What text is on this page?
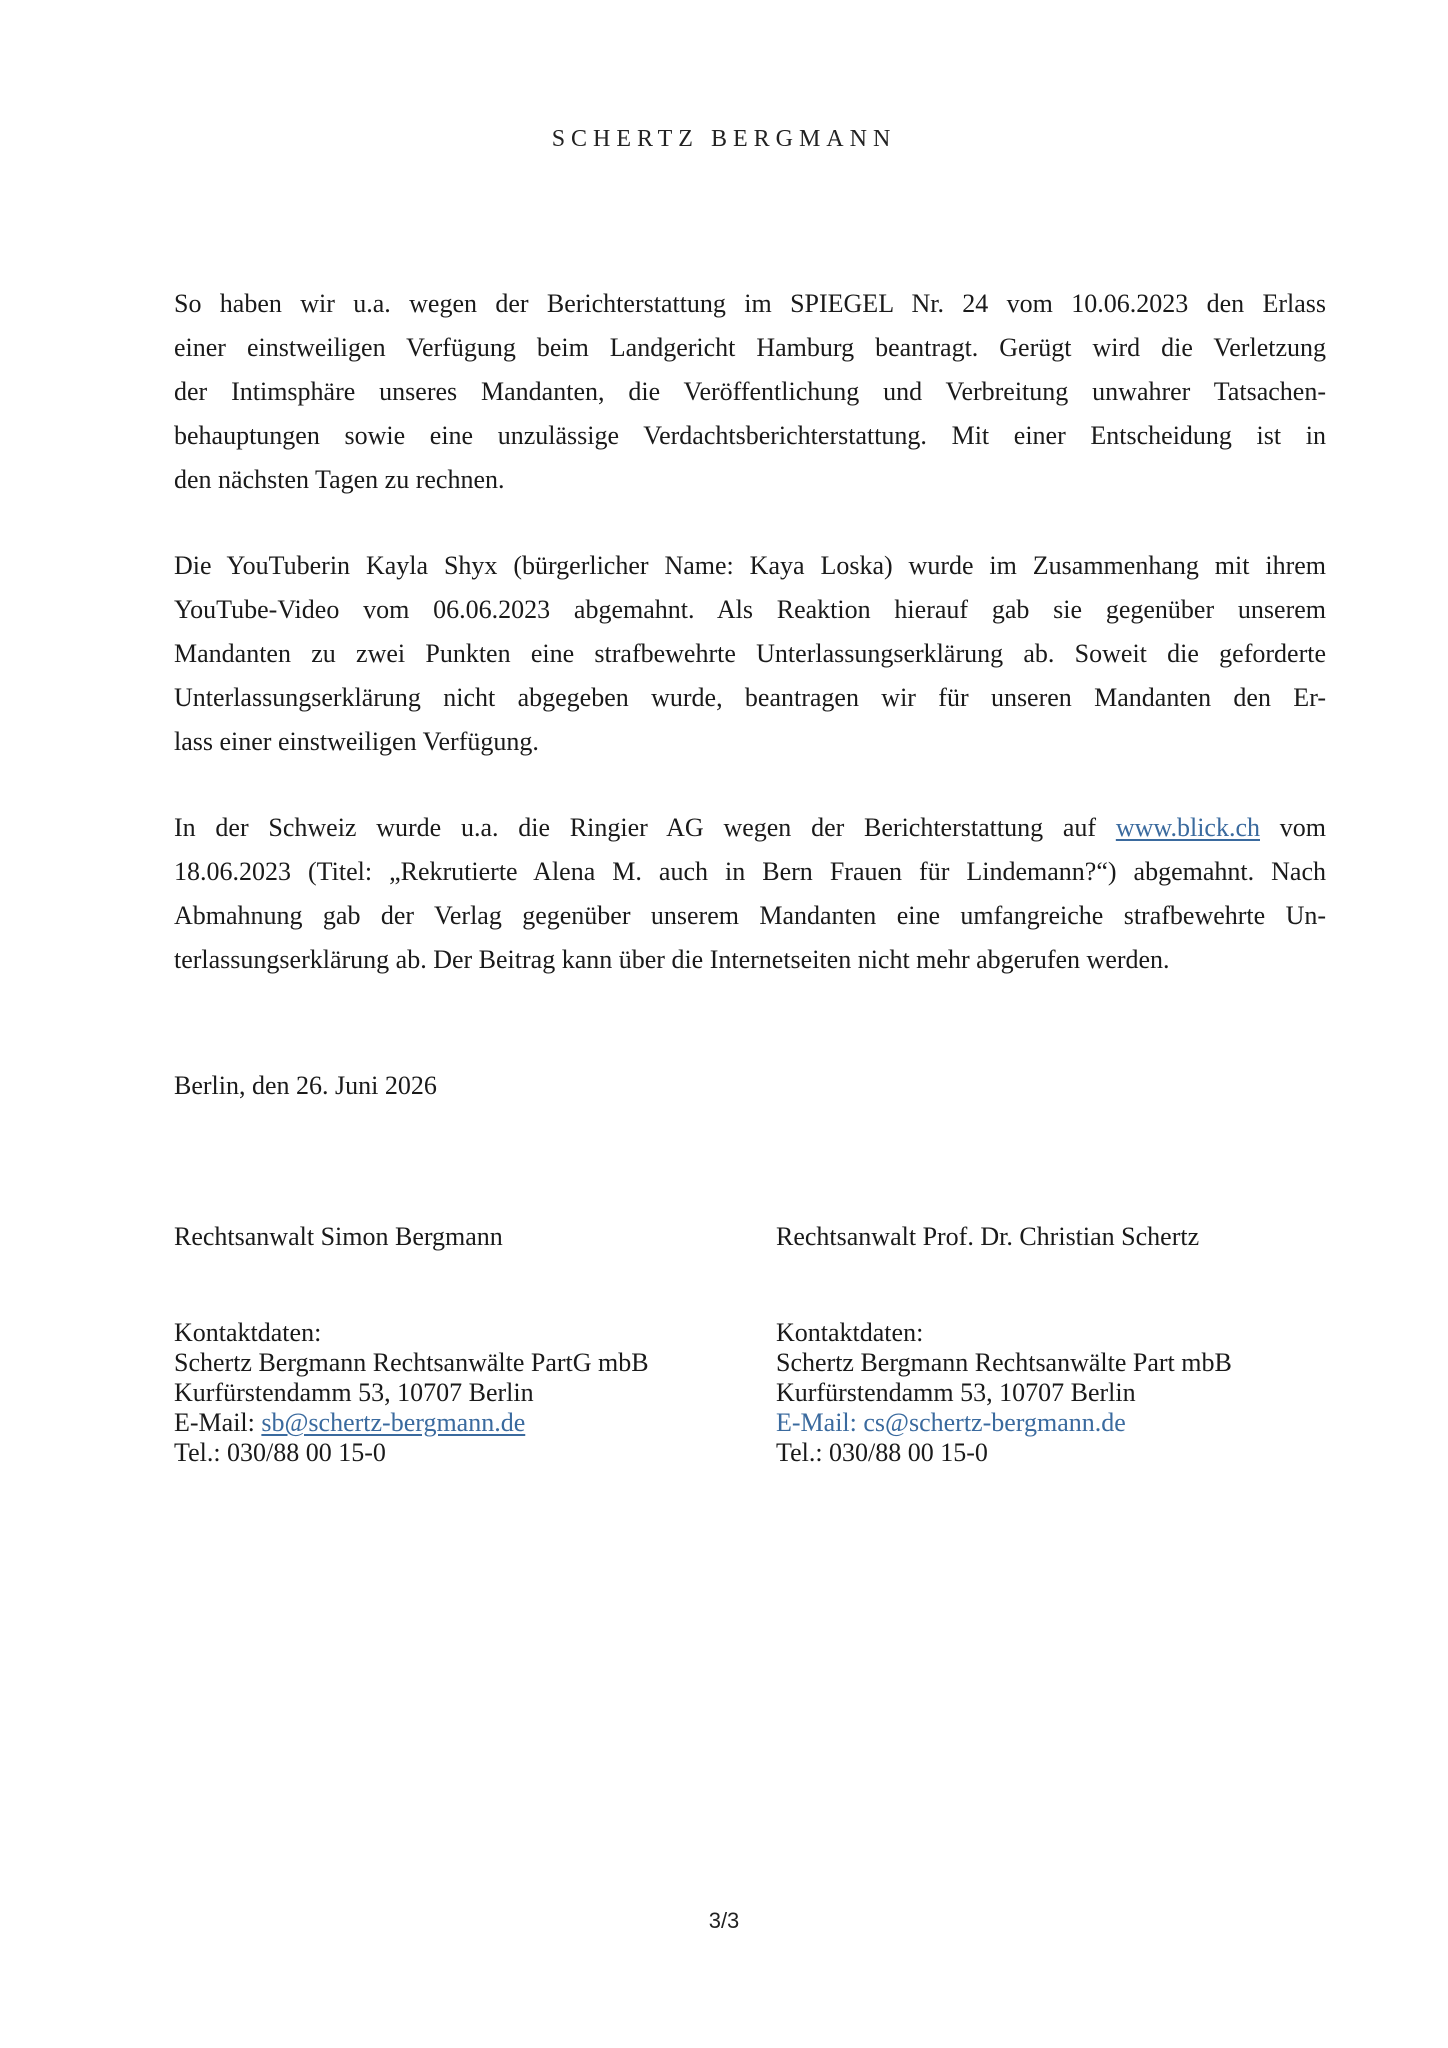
SCHERTZ BERGMANN
So haben wir u.a. wegen der Berichterstattung im SPIEGEL Nr. 24 vom 10.06.2023 den Erlass
einer einstweiligen Verfügung beim Landgericht Hamburg beantragt. Gerügt wird die Verletzung
der Intimsphäre unseres Mandanten, die Veröffentlichung und Verbreitung unwahrer Tatsachen-
behauptungen sowie eine unzulässige Verdachtsberichterstattung. Mit einer Entscheidung ist in
den nächsten Tagen zu rechnen.
Die YouTuberin Kayla Shyx (bürgerlicher Name: Kaya Loska) wurde im Zusammenhang mit ihrem
YouTube-Video vom 06.06.2023 abgemahnt. Als Reaktion hierauf gab sie gegenüber unserem
Mandanten zu zwei Punkten eine strafbewehrte Unterlassungserklärung ab. Soweit die geforderte
Unterlassungserklärung nicht abgegeben wurde, beantragen wir für unseren Mandanten den Er-
lass einer einstweiligen Verfügung.
In der Schweiz wurde u.a. die Ringier AG wegen der Berichterstattung auf www.blick.ch vom
18.06.2023 (Titel: „Rekrutierte Alena M. auch in Bern Frauen für Lindemann?“) abgemahnt. Nach
Abmahnung gab der Verlag gegenüber unserem Mandanten eine umfangreiche strafbewehrte Un-
terlassungserklärung ab. Der Beitrag kann über die Internetseiten nicht mehr abgerufen werden.
Berlin, den 26. Juni 2026
Rechtsanwalt Simon Bergmann	Rechtsanwalt Prof. Dr. Christian Schertz
Kontaktdaten:
Schertz Bergmann Rechtsanwälte PartG mbB
Kurfürstendamm 53, 10707 Berlin
E-Mail: sb@schertz-bergmann.de
Tel.: 030/88 00 15-0
Kontaktdaten:
Schertz Bergmann Rechtsanwälte Part mbB
Kurfürstendamm 53, 10707 Berlin
E-Mail: cs@schertz-bergmann.de
Tel.: 030/88 00 15-0
3/3
